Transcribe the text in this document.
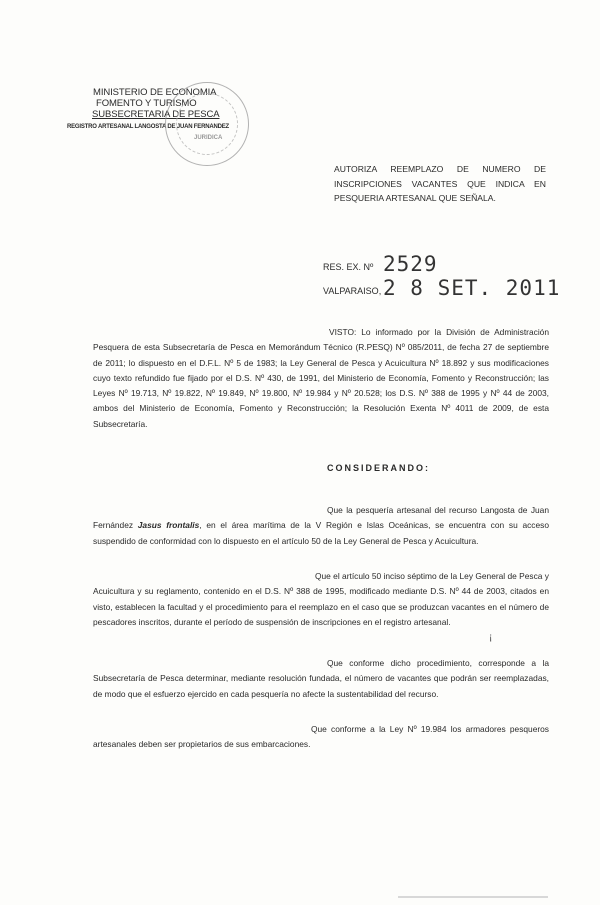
MINISTERIO DE ECONOMIA
FOMENTO Y TURISMO
SUBSECRETARIA DE PESCA
REGISTRO ARTESANAL LANGOSTA DE JUAN FERNANDEZ
JURIDICA
AUTORIZA REEMPLAZO DE NUMERO DE INSCRIPCIONES VACANTES QUE INDICA EN PESQUERIA ARTESANAL QUE SEÑALA.
RES. EX. Nº 2529
VALPARAISO, 2 8 SET. 2011
VISTO: Lo informado por la División de Administración Pesquera de esta Subsecretaría de Pesca en Memorándum Técnico (R.PESQ) Nº 085/2011, de fecha 27 de septiembre de 2011; lo dispuesto en el D.F.L. Nº 5 de 1983; la Ley General de Pesca y Acuicultura Nº 18.892 y sus modificaciones cuyo texto refundido fue fijado por el D.S. Nº 430, de 1991, del Ministerio de Economía, Fomento y Reconstrucción; las Leyes Nº 19.713, Nº 19.822, Nº 19.849, Nº 19.800, Nº 19.984 y Nº 20.528; los D.S. Nº 388 de 1995 y Nº 44 de 2003, ambos del Ministerio de Economía, Fomento y Reconstrucción; la Resolución Exenta Nº 4011 de 2009, de esta Subsecretaría.
CONSIDERANDO:
Que la pesquería artesanal del recurso Langosta de Juan Fernández Jasus frontalis, en el área marítima de la V Región e Islas Oceánicas, se encuentra con su acceso suspendido de conformidad con lo dispuesto en el artículo 50 de la Ley General de Pesca y Acuicultura.
Que el artículo 50 inciso séptimo de la Ley General de Pesca y Acuicultura y su reglamento, contenido en el D.S. Nº 388 de 1995, modificado mediante D.S. Nº 44 de 2003, citados en visto, establecen la facultad y el procedimiento para el reemplazo en el caso que se produzcan vacantes en el número de pescadores inscritos, durante el período de suspensión de inscripciones en el registro artesanal.
¡
Que conforme dicho procedimiento, corresponde a la Subsecretaría de Pesca determinar, mediante resolución fundada, el número de vacantes que podrán ser reemplazadas, de modo que el esfuerzo ejercido en cada pesquería no afecte la sustentabilidad del recurso.
Que conforme a la Ley Nº 19.984 los armadores pesqueros artesanales deben ser propietarios de sus embarcaciones.
